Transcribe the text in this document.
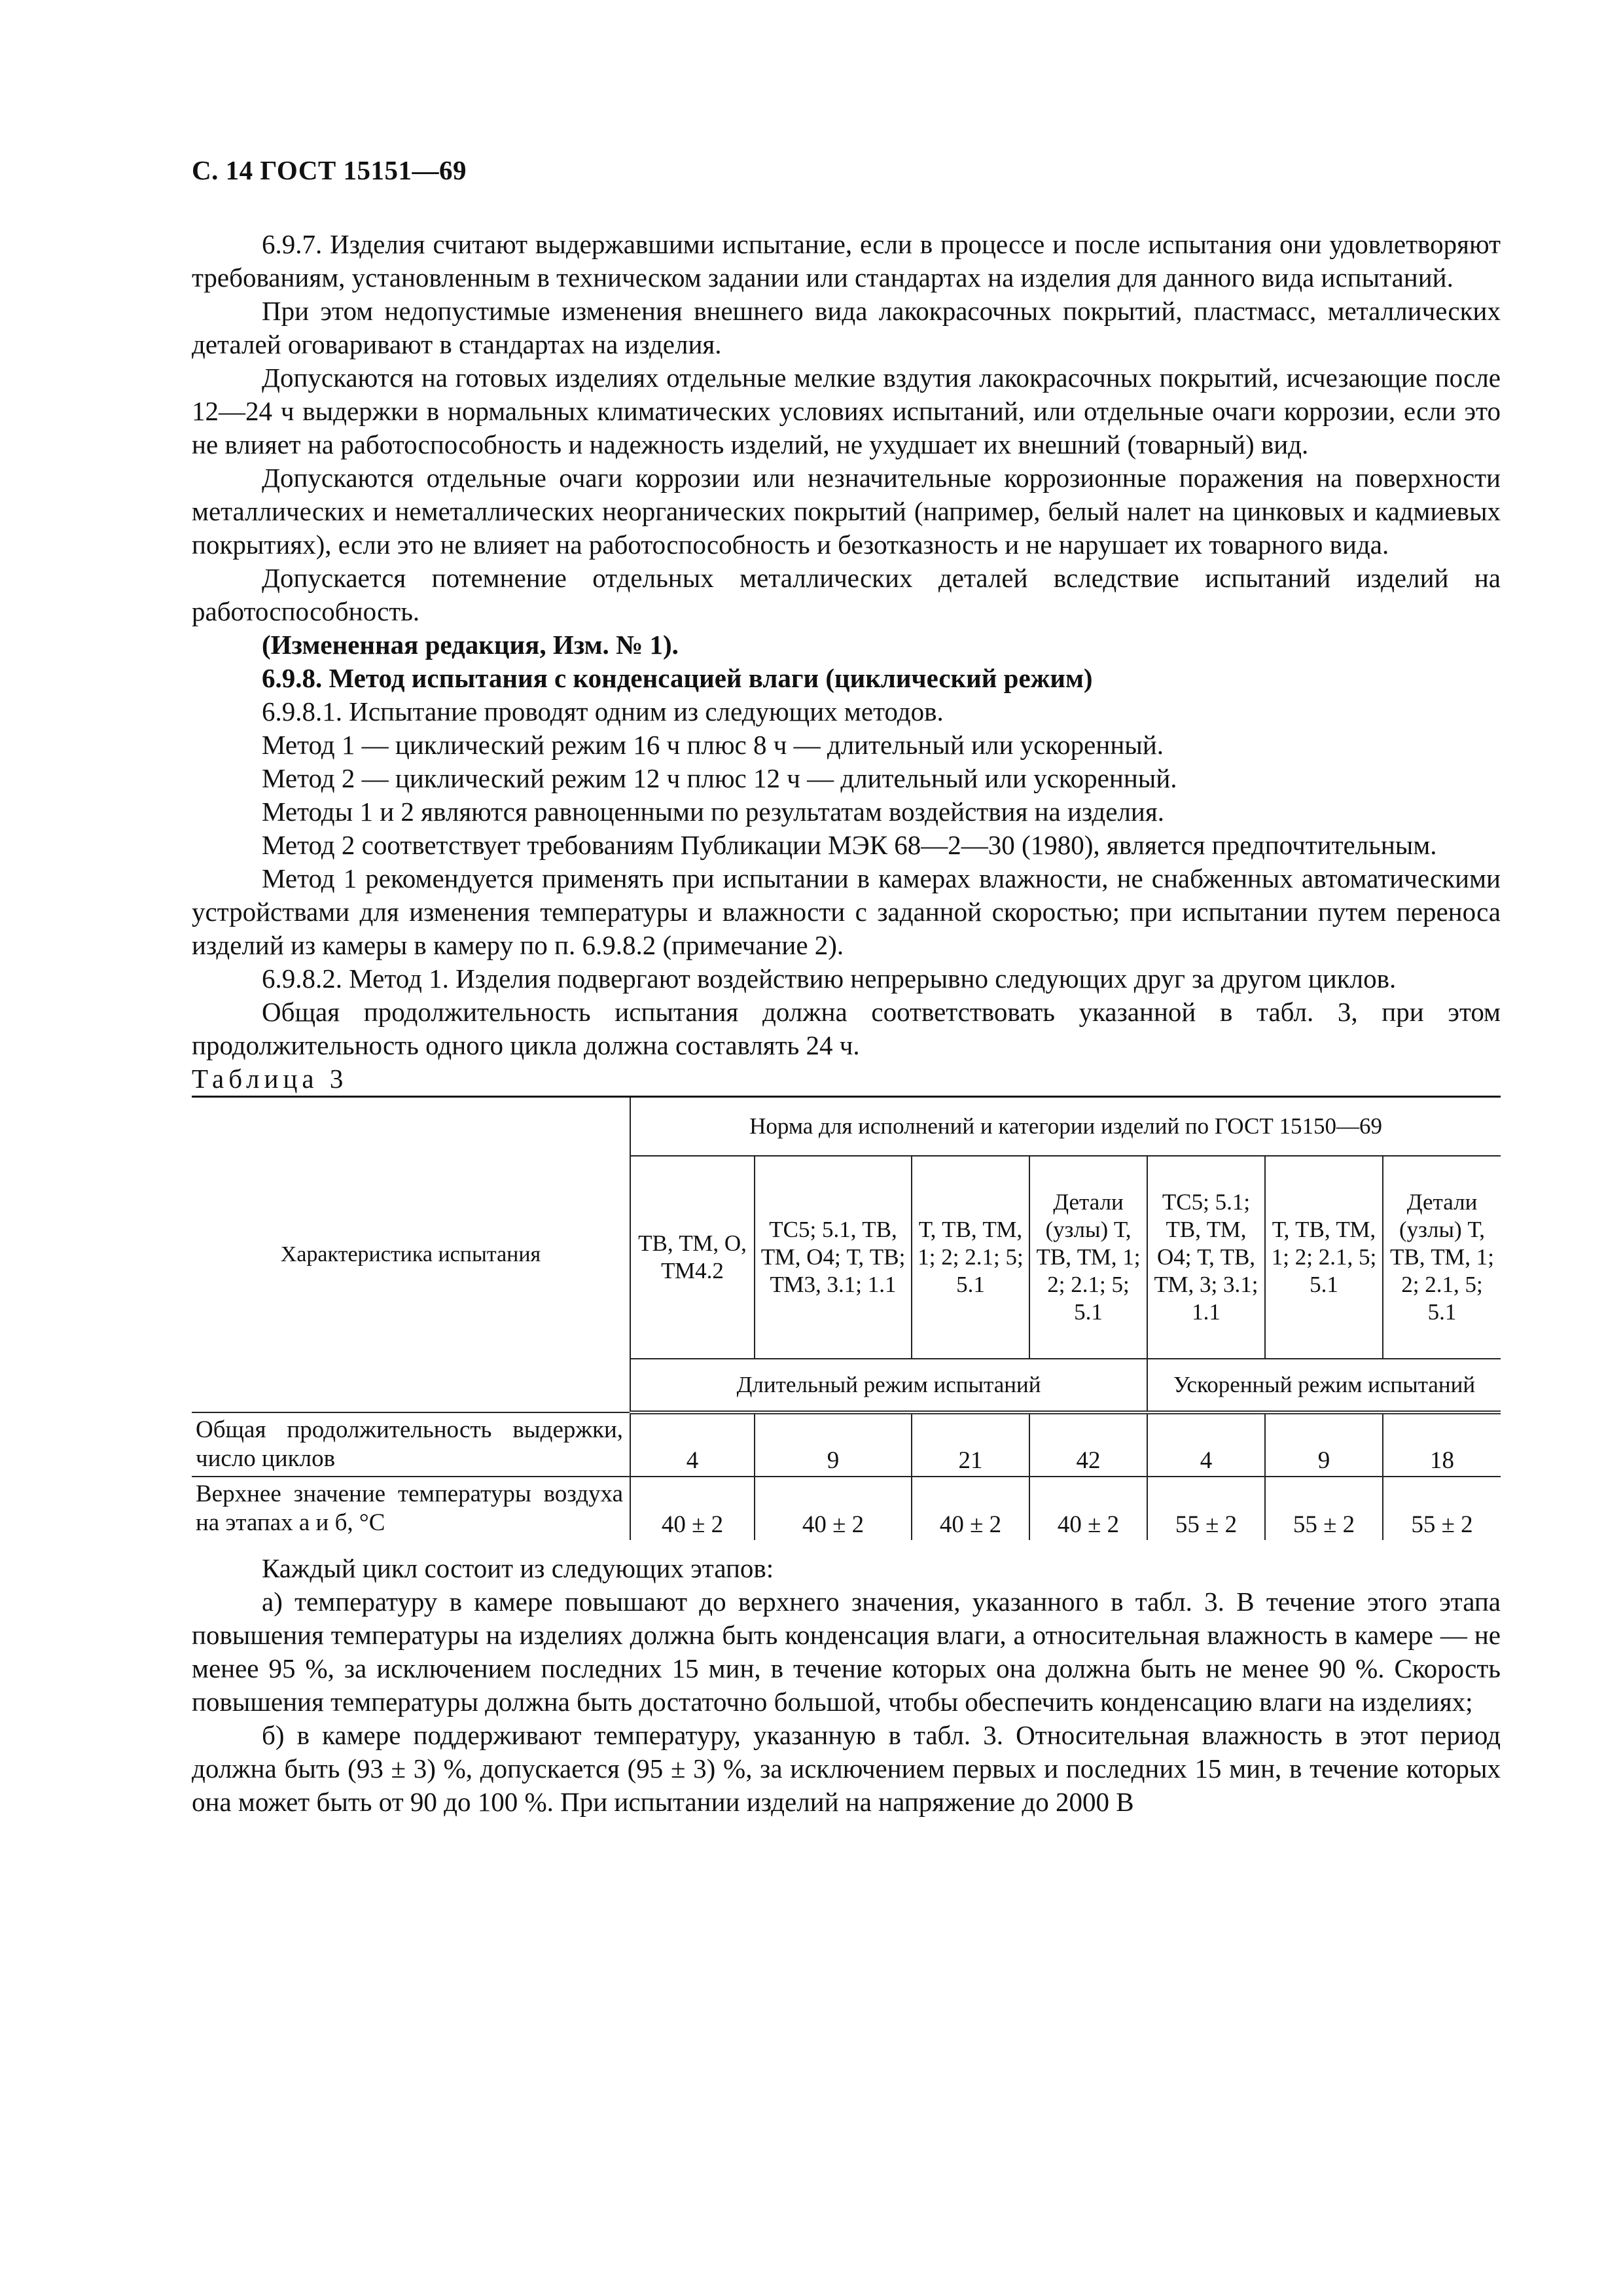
С. 14 ГОСТ 15151—69

6.9.7. Изделия считают выдержавшими испытание, если в процессе и после испытания они удовлетворяют требованиям, установленным в техническом задании или стандартах на изделия для данного вида испытаний.

При этом недопустимые изменения внешнего вида лакокрасочных покрытий, пластмасс, металлических деталей оговаривают в стандартах на изделия.

Допускаются на готовых изделиях отдельные мелкие вздутия лакокрасочных покрытий, исчезающие после 12—24 ч выдержки в нормальных климатических условиях испытаний, или отдельные очаги коррозии, если это не влияет на работоспособность и надежность изделий, не ухудшает их внешний (товарный) вид.

Допускаются отдельные очаги коррозии или незначительные коррозионные поражения на поверхности металлических и неметаллических неорганических покрытий (например, белый налет на цинковых и кадмиевых покрытиях), если это не влияет на работоспособность и безотказность и не нарушает их товарного вида.

Допускается потемнение отдельных металлических деталей вследствие испытаний изделий на работоспособность.

(Измененная редакция, Изм. № 1).

6.9.8. Метод испытания с конденсацией влаги (циклический режим)

6.9.8.1. Испытание проводят одним из следующих методов.

Метод 1 — циклический режим 16 ч плюс 8 ч — длительный или ускоренный.

Метод 2 — циклический режим 12 ч плюс 12 ч — длительный или ускоренный.

Методы 1 и 2 являются равноценными по результатам воздействия на изделия.

Метод 2 соответствует требованиям Публикации МЭК 68—2—30 (1980), является предпочтительным.

Метод 1 рекомендуется применять при испытании в камерах влажности, не снабженных автоматическими устройствами для изменения температуры и влажности с заданной скоростью; при испытании путем переноса изделий из камеры в камеру по п. 6.9.8.2 (примечание 2).

6.9.8.2. Метод 1. Изделия подвергают воздействию непрерывно следующих друг за другом циклов.

Общая продолжительность испытания должна соответствовать указанной в табл. 3, при этом продолжительность одного цикла должна составлять 24 ч.

Таблица 3

Характеристика испытания	Норма для исполнений и категории изделий по ГОСТ 15150—69						
	ТВ, ТМ, О, ТМ4.2	ТС5; 5.1, ТВ, ТМ, О4; Т, ТВ; ТМ3, 3.1; 1.1	Т, ТВ, ТМ, 1; 2; 2.1; 5; 5.1	Детали (узлы) Т, ТВ, ТМ, 1; 2; 2.1; 5; 5.1	ТС5; 5.1; ТВ, ТМ, О4; Т, ТВ, ТМ, 3; 3.1; 1.1	Т, ТВ, ТМ, 1; 2; 2.1, 5; 5.1	Детали (узлы) Т, ТВ, ТМ, 1; 2; 2.1, 5; 5.1
	Длительный режим испытаний				Ускоренный режим испытаний		
Общая продолжительность выдержки, число циклов	4	9	21	42	4	9	18
Верхнее значение температуры воздуха на этапах а и б, °С	40 ± 2	40 ± 2	40 ± 2	40 ± 2	55 ± 2	55 ± 2	55 ± 2

Каждый цикл состоит из следующих этапов:

а) температуру в камере повышают до верхнего значения, указанного в табл. 3. В течение этого этапа повышения температуры на изделиях должна быть конденсация влаги, а относительная влажность в камере — не менее 95 %, за исключением последних 15 мин, в течение которых она должна быть не менее 90 %. Скорость повышения температуры должна быть достаточно большой, чтобы обеспечить конденсацию влаги на изделиях;

б) в камере поддерживают температуру, указанную в табл. 3. Относительная влажность в этот период должна быть (93 ± 3) %, допускается (95 ± 3) %, за исключением первых и последних 15 мин, в течение которых она может быть от 90 до 100 %. При испытании изделий на напряжение до 2000 В
